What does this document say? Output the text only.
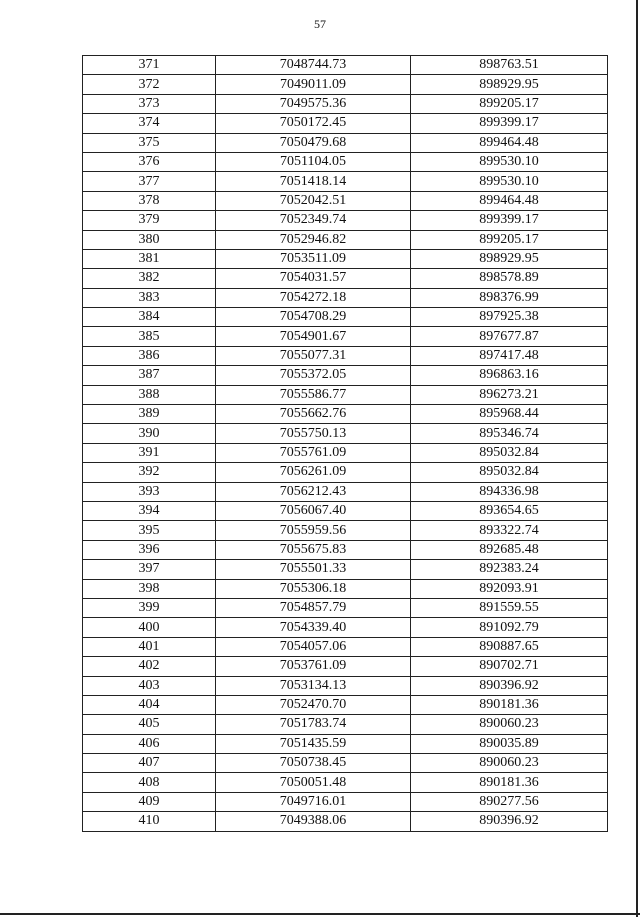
57
371	7048744.73	898763.51
372	7049011.09	898929.95
373	7049575.36	899205.17
374	7050172.45	899399.17
375	7050479.68	899464.48
376	7051104.05	899530.10
377	7051418.14	899530.10
378	7052042.51	899464.48
379	7052349.74	899399.17
380	7052946.82	899205.17
381	7053511.09	898929.95
382	7054031.57	898578.89
383	7054272.18	898376.99
384	7054708.29	897925.38
385	7054901.67	897677.87
386	7055077.31	897417.48
387	7055372.05	896863.16
388	7055586.77	896273.21
389	7055662.76	895968.44
390	7055750.13	895346.74
391	7055761.09	895032.84
392	7056261.09	895032.84
393	7056212.43	894336.98
394	7056067.40	893654.65
395	7055959.56	893322.74
396	7055675.83	892685.48
397	7055501.33	892383.24
398	7055306.18	892093.91
399	7054857.79	891559.55
400	7054339.40	891092.79
401	7054057.06	890887.65
402	7053761.09	890702.71
403	7053134.13	890396.92
404	7052470.70	890181.36
405	7051783.74	890060.23
406	7051435.59	890035.89
407	7050738.45	890060.23
408	7050051.48	890181.36
409	7049716.01	890277.56
410	7049388.06	890396.92
